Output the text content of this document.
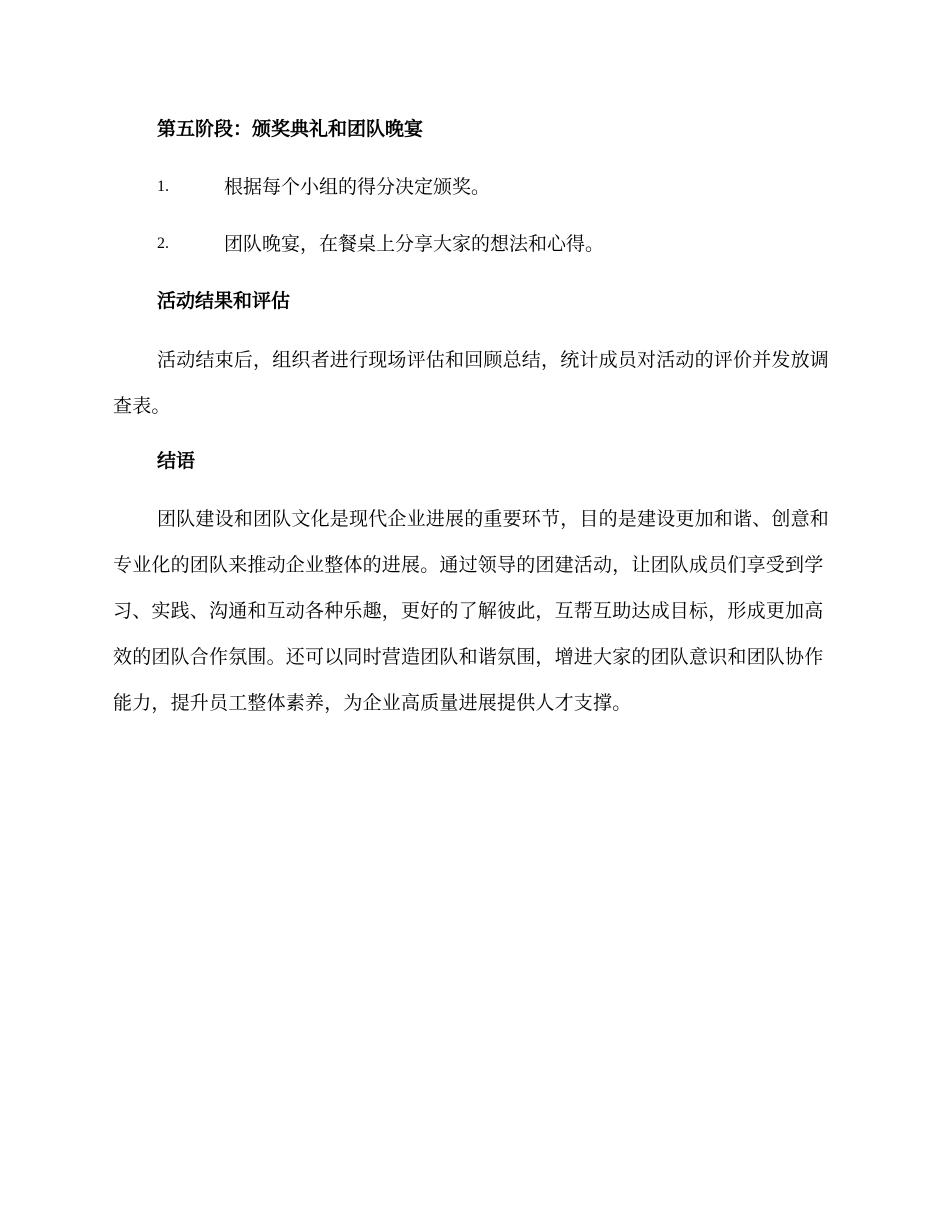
第五阶段：颁奖典礼和团队晚宴
1.	根据每个小组的得分决定颁奖。
2.	团队晚宴，在餐桌上分享大家的想法和心得。
活动结果和评估

活动结束后，组织者进行现场评估和回顾总结，统计成员对活动的评价并发放调查表。

结语

团队建设和团队文化是现代企业进展的重要环节，目的是建设更加和谐、创意和专业化的团队来推动企业整体的进展。通过领导的团建活动，让团队成员们享受到学习、实践、沟通和互动各种乐趣，更好的了解彼此，互帮互助达成目标，形成更加高效的团队合作氛围。还可以同时营造团队和谐氛围，增进大家的团队意识和团队协作能力，提升员工整体素养，为企业高质量进展提供人才支撑。
